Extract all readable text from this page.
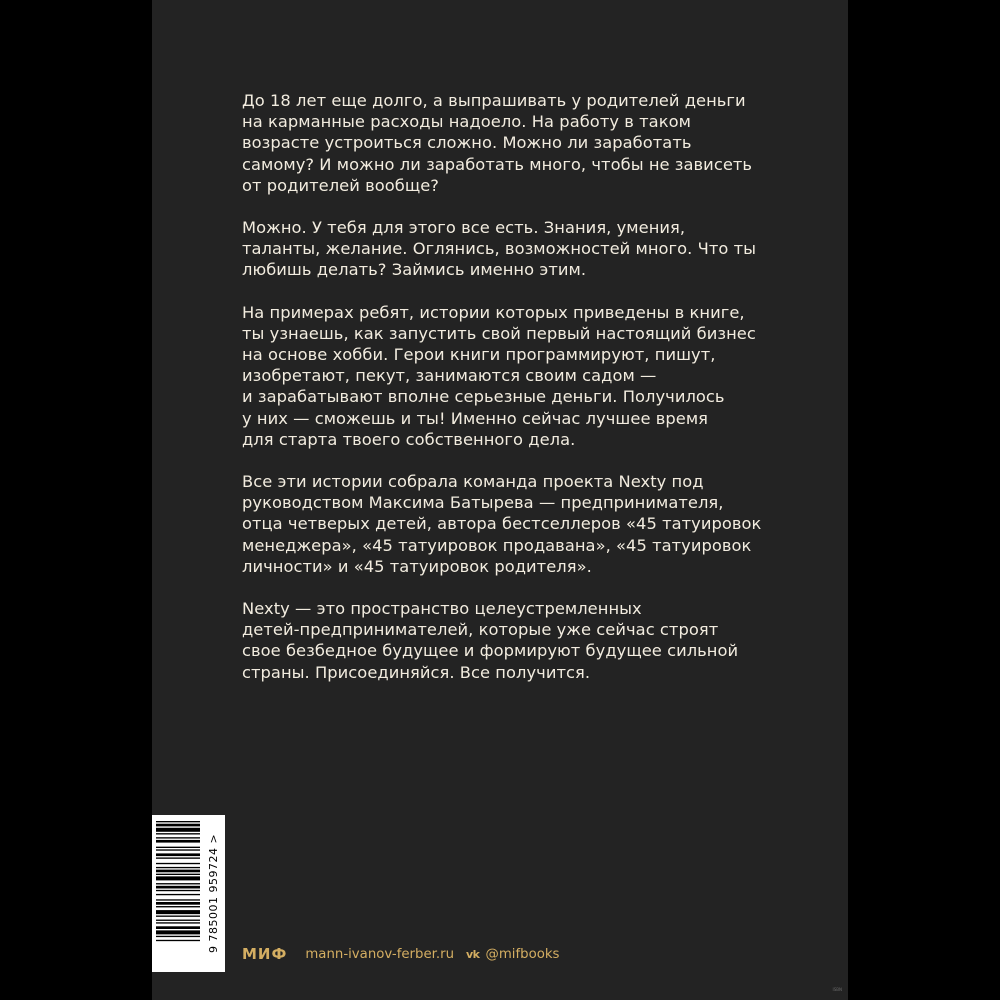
До 18 лет еще долго, а выпрашивать у родителей деньги
на карманные расходы надоело. На работу в таком
возрасте устроиться сложно. Можно ли заработать
самому? И можно ли заработать много, чтобы не зависеть
от родителей вообще?

Можно. У тебя для этого все есть. Знания, умения,
таланты, желание. Оглянись, возможностей много. Что ты
любишь делать? Займись именно этим.

На примерах ребят, истории которых приведены в книге,
ты узнаешь, как запустить свой первый настоящий бизнес
на основе хобби. Герои книги программируют, пишут,
изобретают, пекут, занимаются своим садом —
и зарабатывают вполне серьезные деньги. Получилось
у них — сможешь и ты! Именно сейчас лучшее время
для старта твоего собственного дела.

Все эти истории собрала команда проекта Nexty под
руководством Максима Батырева — предпринимателя,
отца четверых детей, автора бестселлеров «45 татуировок
менеджера», «45 татуировок продавана», «45 татуировок
личности» и «45 татуировок родителя».

Nexty — это пространство целеустремленных
детей-предпринимателей, которые уже сейчас строят
свое безбедное будущее и формируют будущее сильной
страны. Присоединяйся. Все получится.

9 785001 959724 >
МИФ mann-ivanov-ferber.ru vk @mifbooks
ISBN
